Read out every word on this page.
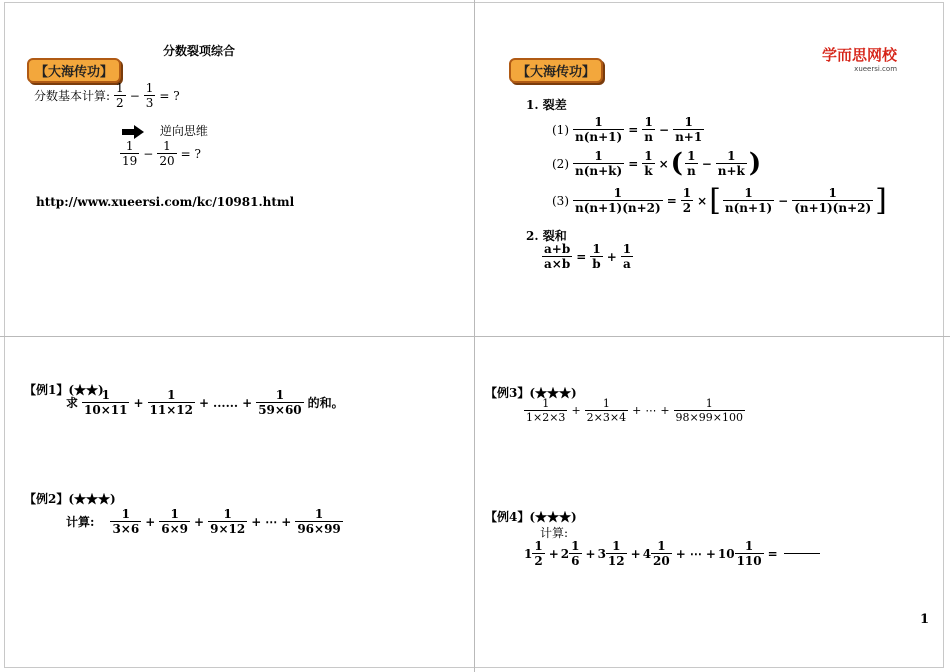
分数裂项综合
【大海传功】
分数基本计算: $\frac{1}{2} - \frac{1}{3}$ = ?
逆向思维
$\frac{1}{19} - \frac{1}{20}$ = ?
http://www.xueersi.com/kc/10981.html
【大海传功】
学而思网校
xueersi.com
1. 裂差
$(1) \frac{1}{n(n+1)} = \frac{1}{n} - \frac{1}{n+1}$
$(2) \frac{1}{n(n+k)} = \frac{1}{k}$ ×( $\frac{1}{n} - \frac{1}{n+k}$ )
$(3) \frac{1}{n(n+1)(n+2)} = \frac{1}{2}$ ×[ $\frac{1}{n(n+1)} - \frac{1}{(n+1)(n+2)}$ ]
2. 裂和
$\frac{a+b}{a\times b} = \frac{1}{b} + \frac{1}{a}$
【例1】(★★)
求 $\frac{1}{10\times 11} + \frac{1}{11\times 12}$ + ...... + $\frac{1}{59\times 60}$ 的和。
【例2】(★★★)
计算: $\frac{1}{3\times 6} + \frac{1}{6\times 9} + \frac{1}{9\times 12}$ + ⋯ + $\frac{1}{96\times 99}$
【例3】(★★★)
$\frac{1}{1\times 2\times 3} + \frac{1}{2\times 3\times 4}$ + ⋯ + $\frac{1}{98\times 99\times 100}$
【例4】(★★★)
计算:
$1 \frac{1}{2} + 2 \frac{1}{6} + 3 \frac{1}{12} + 4 \frac{1}{20}$ + ⋯ + $10 \frac{1}{110}$ =
1
